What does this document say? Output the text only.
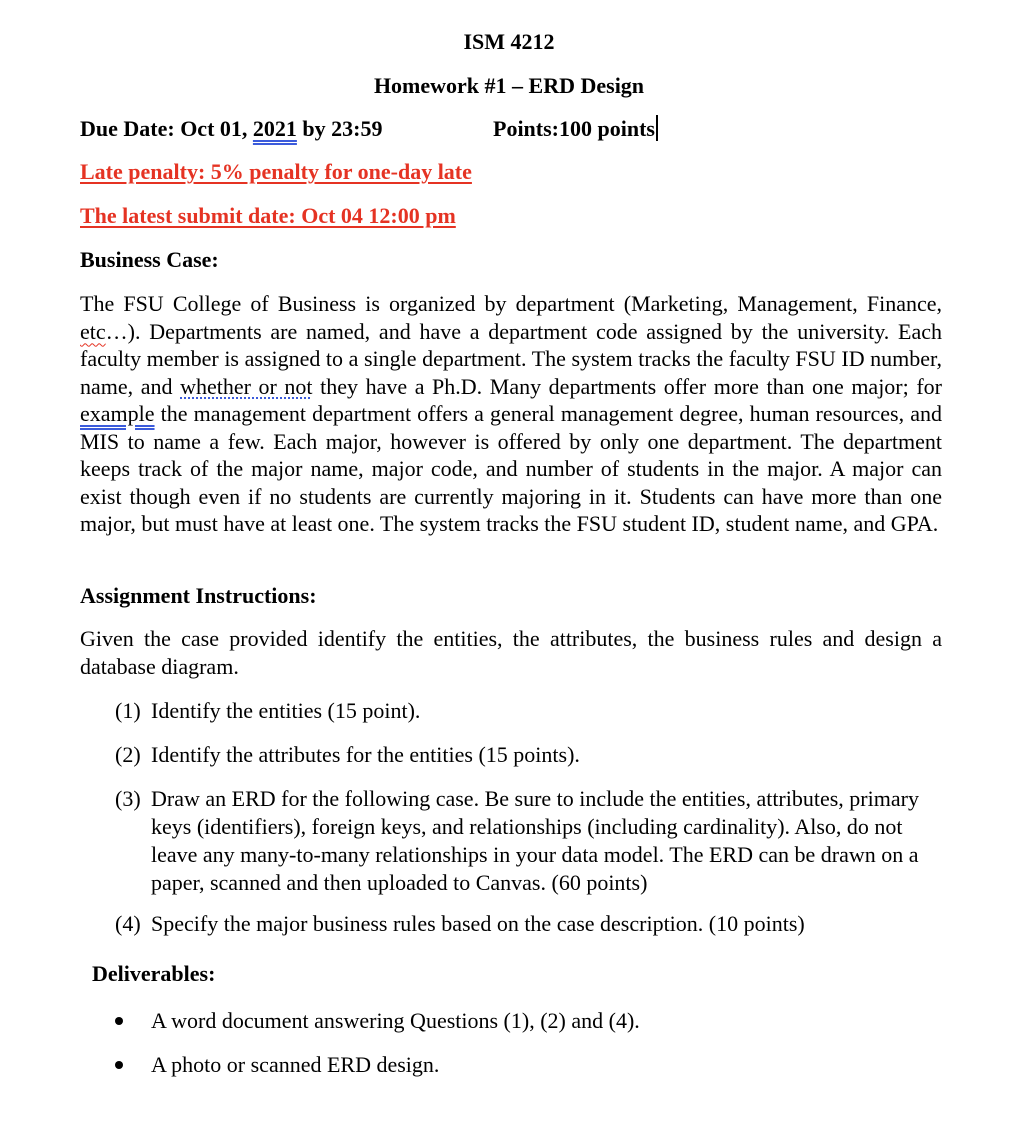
ISM 4212
Homework #1 – ERD Design
Due Date: Oct 01, 2021 by 23:59	Points:100 points
Late penalty: 5% penalty for one-day late
The latest submit date: Oct 04 12:00 pm
Business Case:
The FSU College of Business is organized by department (Marketing, Management, Finance, etc…). Departments are named, and have a department code assigned by the university. Each faculty member is assigned to a single department. The system tracks the faculty FSU ID number, name, and whether or not they have a Ph.D. Many departments offer more than one major; for example the management department offers a general management degree, human resources, and MIS to name a few. Each major, however is offered by only one department. The department keeps track of the major name, major code, and number of students in the major. A major can exist though even if no students are currently majoring in it. Students can have more than one major, but must have at least one. The system tracks the FSU student ID, student name, and GPA.
Assignment Instructions:
Given the case provided identify the entities, the attributes, the business rules and design a database diagram.
(1) Identify the entities (15 point).
(2) Identify the attributes for the entities (15 points).
(3) Draw an ERD for the following case. Be sure to include the entities, attributes, primary keys (identifiers), foreign keys, and relationships (including cardinality). Also, do not leave any many-to-many relationships in your data model. The ERD can be drawn on a paper, scanned and then uploaded to Canvas. (60 points)
(4) Specify the major business rules based on the case description. (10 points)
Deliverables:
A word document answering Questions (1), (2) and (4).
A photo or scanned ERD design.
